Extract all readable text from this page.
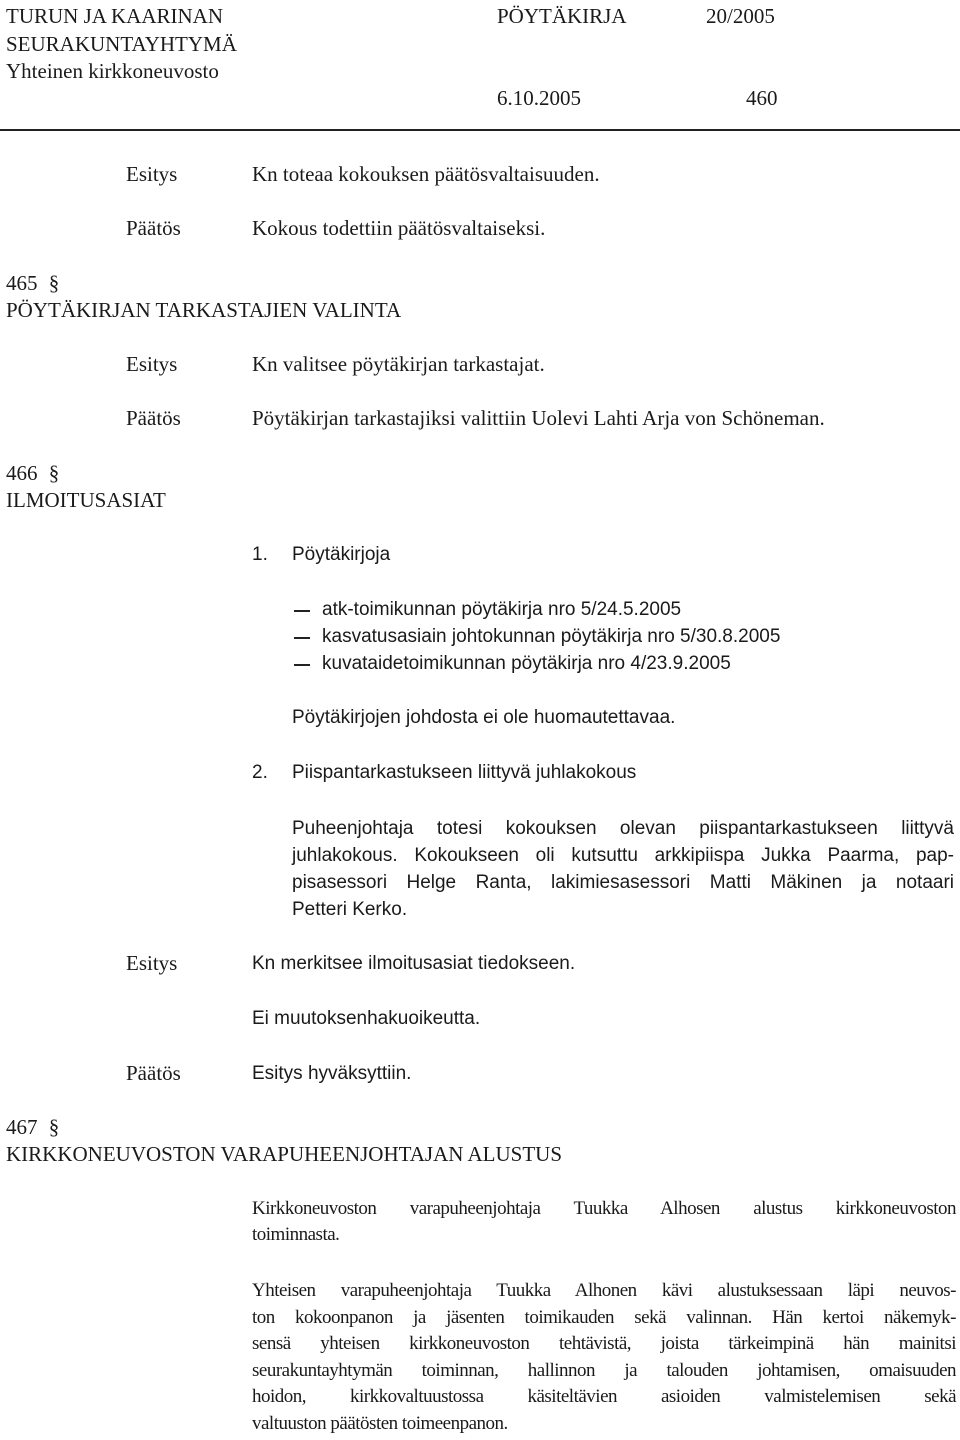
TURUN JA KAARINAN
SEURAKUNTAYHTYMÄ
Yhteinen kirkkoneuvosto
PÖYTÄKIRJA	20/2005
6.10.2005	460
Esitys	Kn toteaa kokouksen päätösvaltaisuuden.
Päätös	Kokous todettiin päätösvaltaiseksi.
465 §
PÖYTÄKIRJAN TARKASTAJIEN VALINTA
Esitys	Kn valitsee pöytäkirjan tarkastajat.
Päätös	Pöytäkirjan tarkastajiksi valittiin Uolevi Lahti Arja von Schöneman.
466 §
ILMOITUSASIAT
1. Pöytäkirjoja
atk-toimikunnan pöytäkirja nro 5/24.5.2005
kasvatusasiain johtokunnan pöytäkirja nro 5/30.8.2005
kuvataidetoimikunnan pöytäkirja nro 4/23.9.2005
Pöytäkirjojen johdosta ei ole huomautettavaa.
2. Piispantarkastukseen liittyvä juhlakokous
Puheenjohtaja totesi kokouksen olevan piispantarkastukseen liittyvä
juhlakokous. Kokoukseen oli kutsuttu arkkipiispa Jukka Paarma, pap-
pisasessori Helge Ranta, lakimiesasessori Matti Mäkinen ja notaari
Petteri Kerko.
Esitys	Kn merkitsee ilmoitusasiat tiedokseen.
Ei muutoksenhakuoikeutta.
Päätös	Esitys hyväksyttiin.
467 §
KIRKKONEUVOSTON VARAPUHEENJOHTAJAN ALUSTUS
Kirkkoneuvoston varapuheenjohtaja Tuukka Alhosen alustus kirkkoneuvoston
toiminnasta.
Yhteisen varapuheenjohtaja Tuukka Alhonen kävi alustuksessaan läpi neuvos-
ton kokoonpanon ja jäsenten toimikauden sekä valinnan. Hän kertoi näkemyk-
sensä yhteisen kirkkoneuvoston tehtävistä, joista tärkeimpinä hän mainitsi
seurakuntayhtymän toiminnan, hallinnon ja talouden johtamisen, omaisuuden
hoidon, kirkkovaltuustossa käsiteltävien asioiden valmistelemisen sekä
valtuuston päätösten toimeenpanon.
